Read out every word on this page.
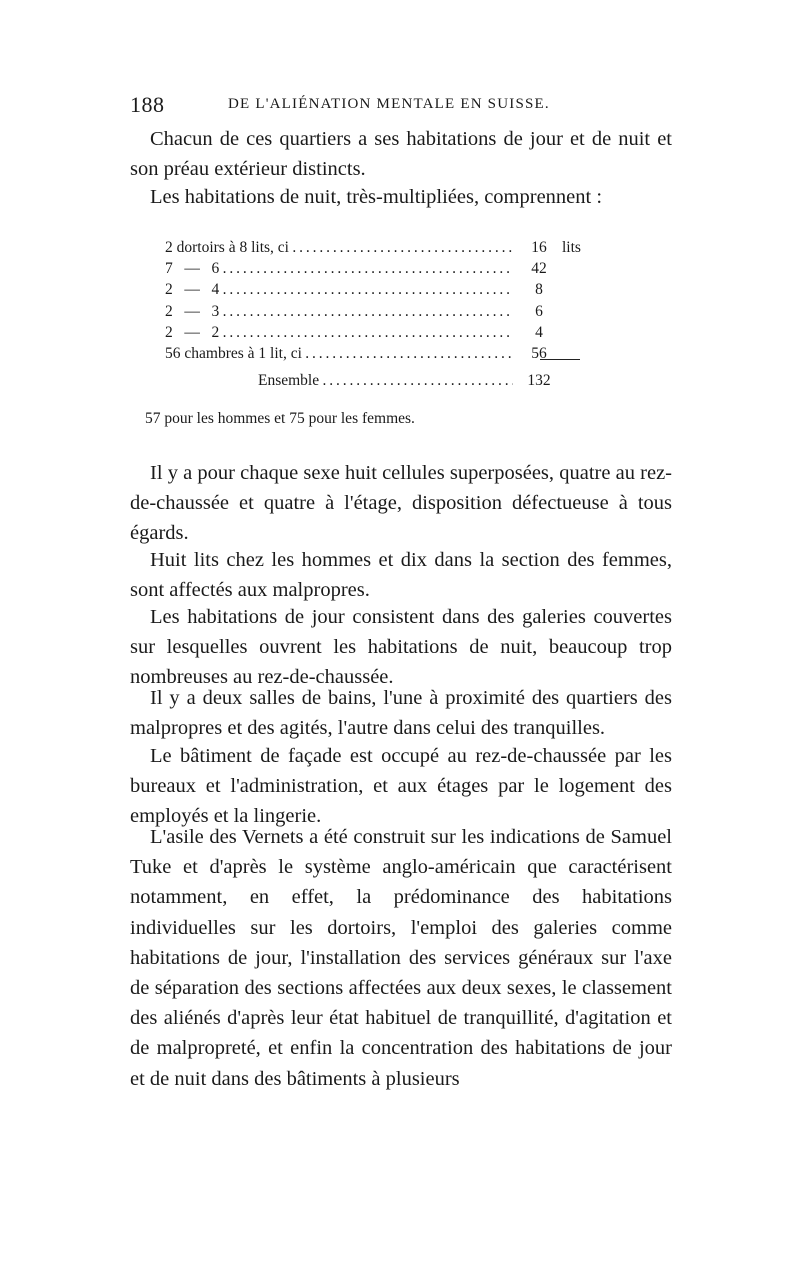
188	DE L'ALIÉNATION MENTALE EN SUISSE.

Chacun de ces quartiers a ses habitations de jour et de nuit et son préau extérieur distincts.

Les habitations de nuit, très-multipliées, comprennent :

2 dortoirs à 8 lits, ci . . .	16 lits
7   —   6 . . .	42
2   —   4 . . .	8
2   —   3 . . .	6
2   —   2 . . .	4
56 chambres à 1 lit, ci . . .	56
Ensemble . . .	132

57 pour les hommes et 75 pour les femmes.

Il y a pour chaque sexe huit cellules superposées, quatre au rez-de-chaussée et quatre à l'étage, disposition défectueuse à tous égards.

Huit lits chez les hommes et dix dans la section des femmes, sont affectés aux malpropres.

Les habitations de jour consistent dans des galeries couvertes sur lesquelles ouvrent les habitations de nuit, beaucoup trop nombreuses au rez-de-chaussée.

Il y a deux salles de bains, l'une à proximité des quartiers des malpropres et des agités, l'autre dans celui des tranquilles.

Le bâtiment de façade est occupé au rez-de-chaussée par les bureaux et l'administration, et aux étages par le logement des employés et la lingerie.

L'asile des Vernets a été construit sur les indications de Samuel Tuke et d'après le système anglo-américain que caractérisent notamment, en effet, la prédominance des habitations individuelles sur les dortoirs, l'emploi des galeries comme habitations de jour, l'installation des services généraux sur l'axe de séparation des sections affectées aux deux sexes, le classement des aliénés d'après leur état habituel de tranquillité, d'agitation et de malpropreté, et enfin la concentration des habitations de jour et de nuit dans des bâtiments à plusieurs
